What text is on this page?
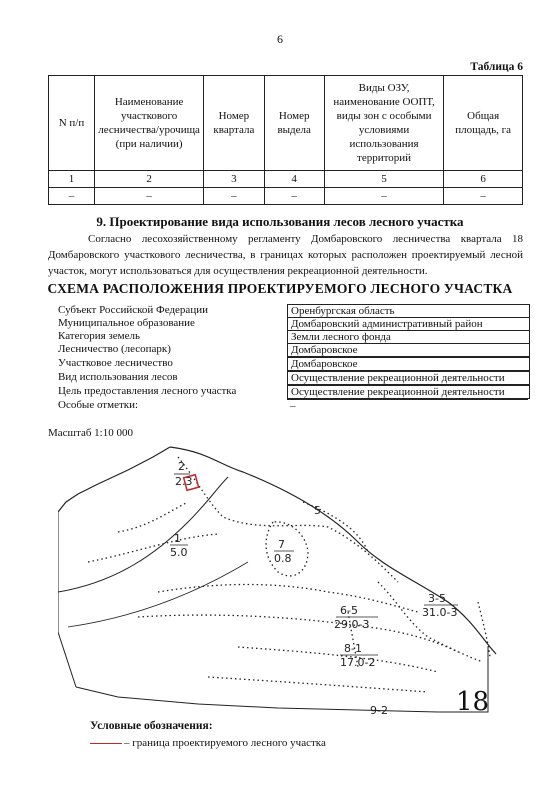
6
Таблица 6
N п/п	Наименование участкового лесничества/урочища (при наличии)	Номер квартала	Номер выдела	Виды ОЗУ, наименование ООПТ, виды зон с особыми условиями использования территорий	Общая площадь, га
1	2	3	4	5	6
–	–	–	–	–	–
9. Проектирование вида использования лесов лесного участка
Согласно лесохозяйственному регламенту Домбаровского лесничества квартала 18 Домбаровского участкового лесничества, в границах которых расположен проектируемый лесной участок, могут использоваться для осуществления рекреационной деятельности.
СХЕМА РАСПОЛОЖЕНИЯ ПРОЕКТИРУЕМОГО ЛЕСНОГО УЧАСТКА
Субъект Российской Федерации	Оренбургская область
Муниципальное образование	Домбаровский административный район
Категория земель	Земли лесного фонда
Лесничество (лесопарк)	Домбаровское
Участковое лесничество	Домбаровское
Вид использования лесов	Осуществление рекреационной деятельности
Цель предоставления лесного участка	Осуществление рекреационной деятельности
Особые отметки:	–
Масштаб 1:10 000
2
2.3
1
5.0
7
0.8
5
6-5
29.0-3
3-5
31.0-3
8-1
17.0-2
9-2	18
Условные обозначения:
– граница проектируемого лесного участка
